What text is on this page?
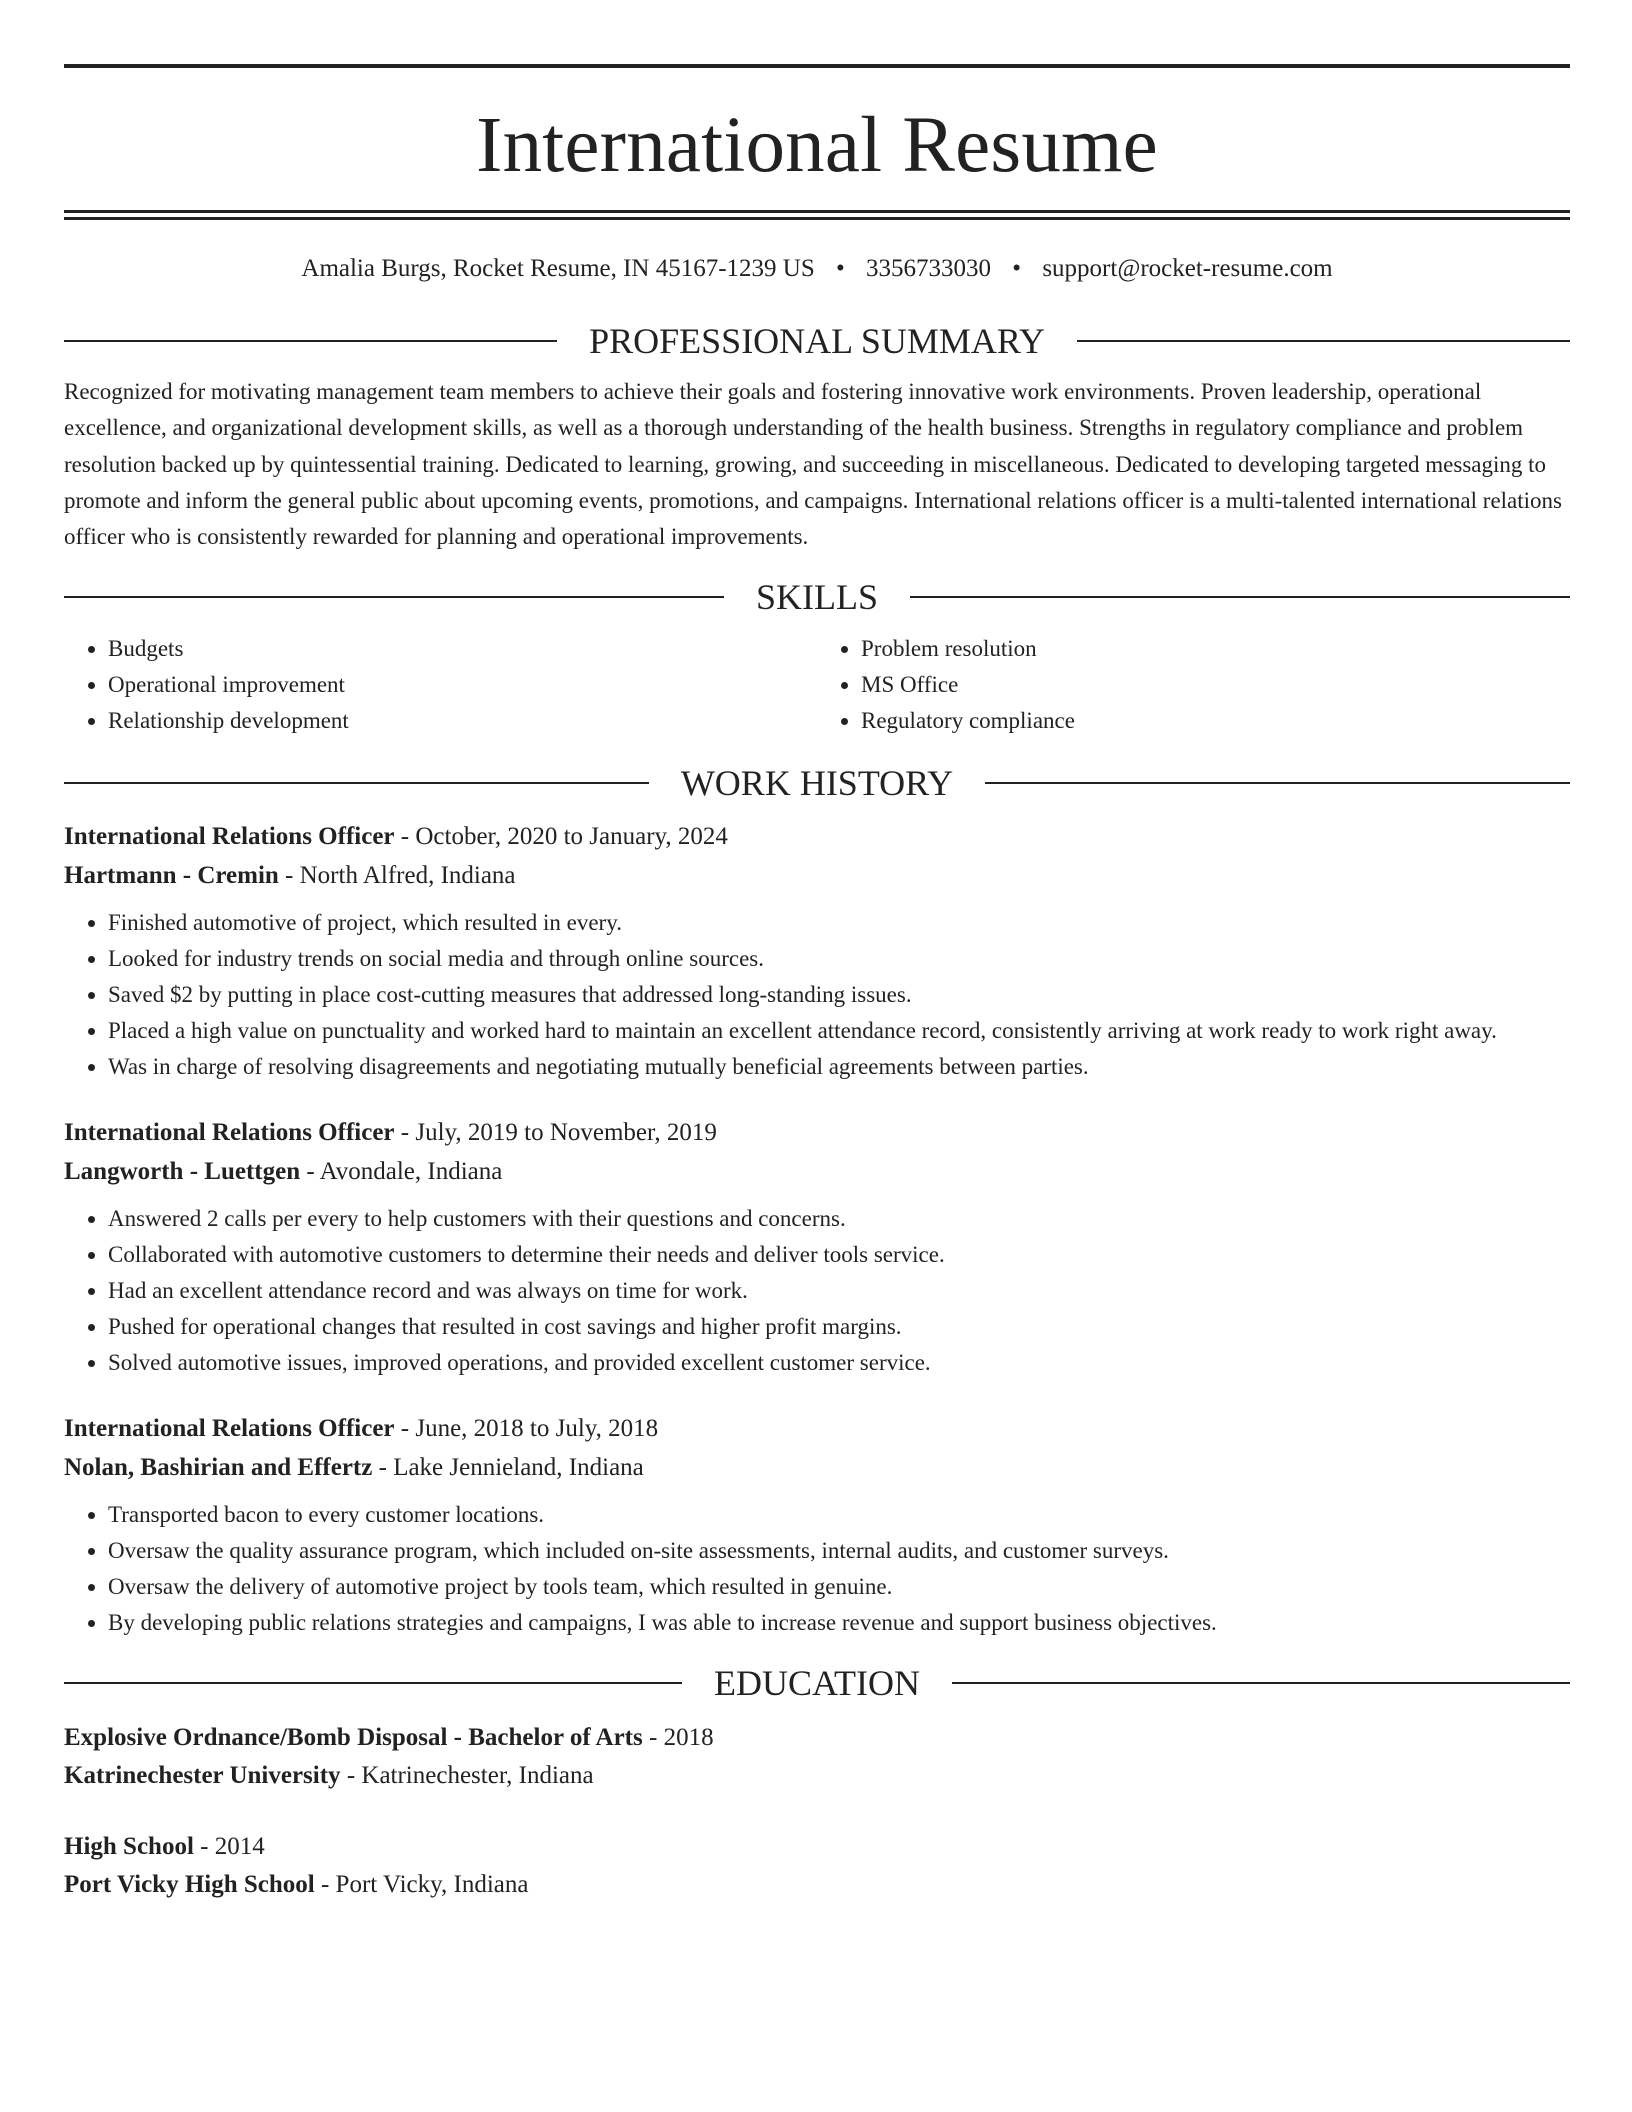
International Resume
Amalia Burgs, Rocket Resume, IN 45167-1239 US • 3356733030 • support@rocket-resume.com
PROFESSIONAL SUMMARY
Recognized for motivating management team members to achieve their goals and fostering innovative work environments. Proven leadership, operational excellence, and organizational development skills, as well as a thorough understanding of the health business. Strengths in regulatory compliance and problem resolution backed up by quintessential training. Dedicated to learning, growing, and succeeding in miscellaneous. Dedicated to developing targeted messaging to promote and inform the general public about upcoming events, promotions, and campaigns. International relations officer is a multi-talented international relations officer who is consistently rewarded for planning and operational improvements.
SKILLS
• Budgets
• Operational improvement
• Relationship development
• Problem resolution
• MS Office
• Regulatory compliance
WORK HISTORY
International Relations Officer - October, 2020 to January, 2024
Hartmann - Cremin - North Alfred, Indiana
• Finished automotive of project, which resulted in every.
• Looked for industry trends on social media and through online sources.
• Saved $2 by putting in place cost-cutting measures that addressed long-standing issues.
• Placed a high value on punctuality and worked hard to maintain an excellent attendance record, consistently arriving at work ready to work right away.
• Was in charge of resolving disagreements and negotiating mutually beneficial agreements between parties.
International Relations Officer - July, 2019 to November, 2019
Langworth - Luettgen - Avondale, Indiana
• Answered 2 calls per every to help customers with their questions and concerns.
• Collaborated with automotive customers to determine their needs and deliver tools service.
• Had an excellent attendance record and was always on time for work.
• Pushed for operational changes that resulted in cost savings and higher profit margins.
• Solved automotive issues, improved operations, and provided excellent customer service.
International Relations Officer - June, 2018 to July, 2018
Nolan, Bashirian and Effertz - Lake Jennieland, Indiana
• Transported bacon to every customer locations.
• Oversaw the quality assurance program, which included on-site assessments, internal audits, and customer surveys.
• Oversaw the delivery of automotive project by tools team, which resulted in genuine.
• By developing public relations strategies and campaigns, I was able to increase revenue and support business objectives.
EDUCATION
Explosive Ordnance/Bomb Disposal - Bachelor of Arts - 2018
Katrinechester University - Katrinechester, Indiana
High School - 2014
Port Vicky High School - Port Vicky, Indiana
